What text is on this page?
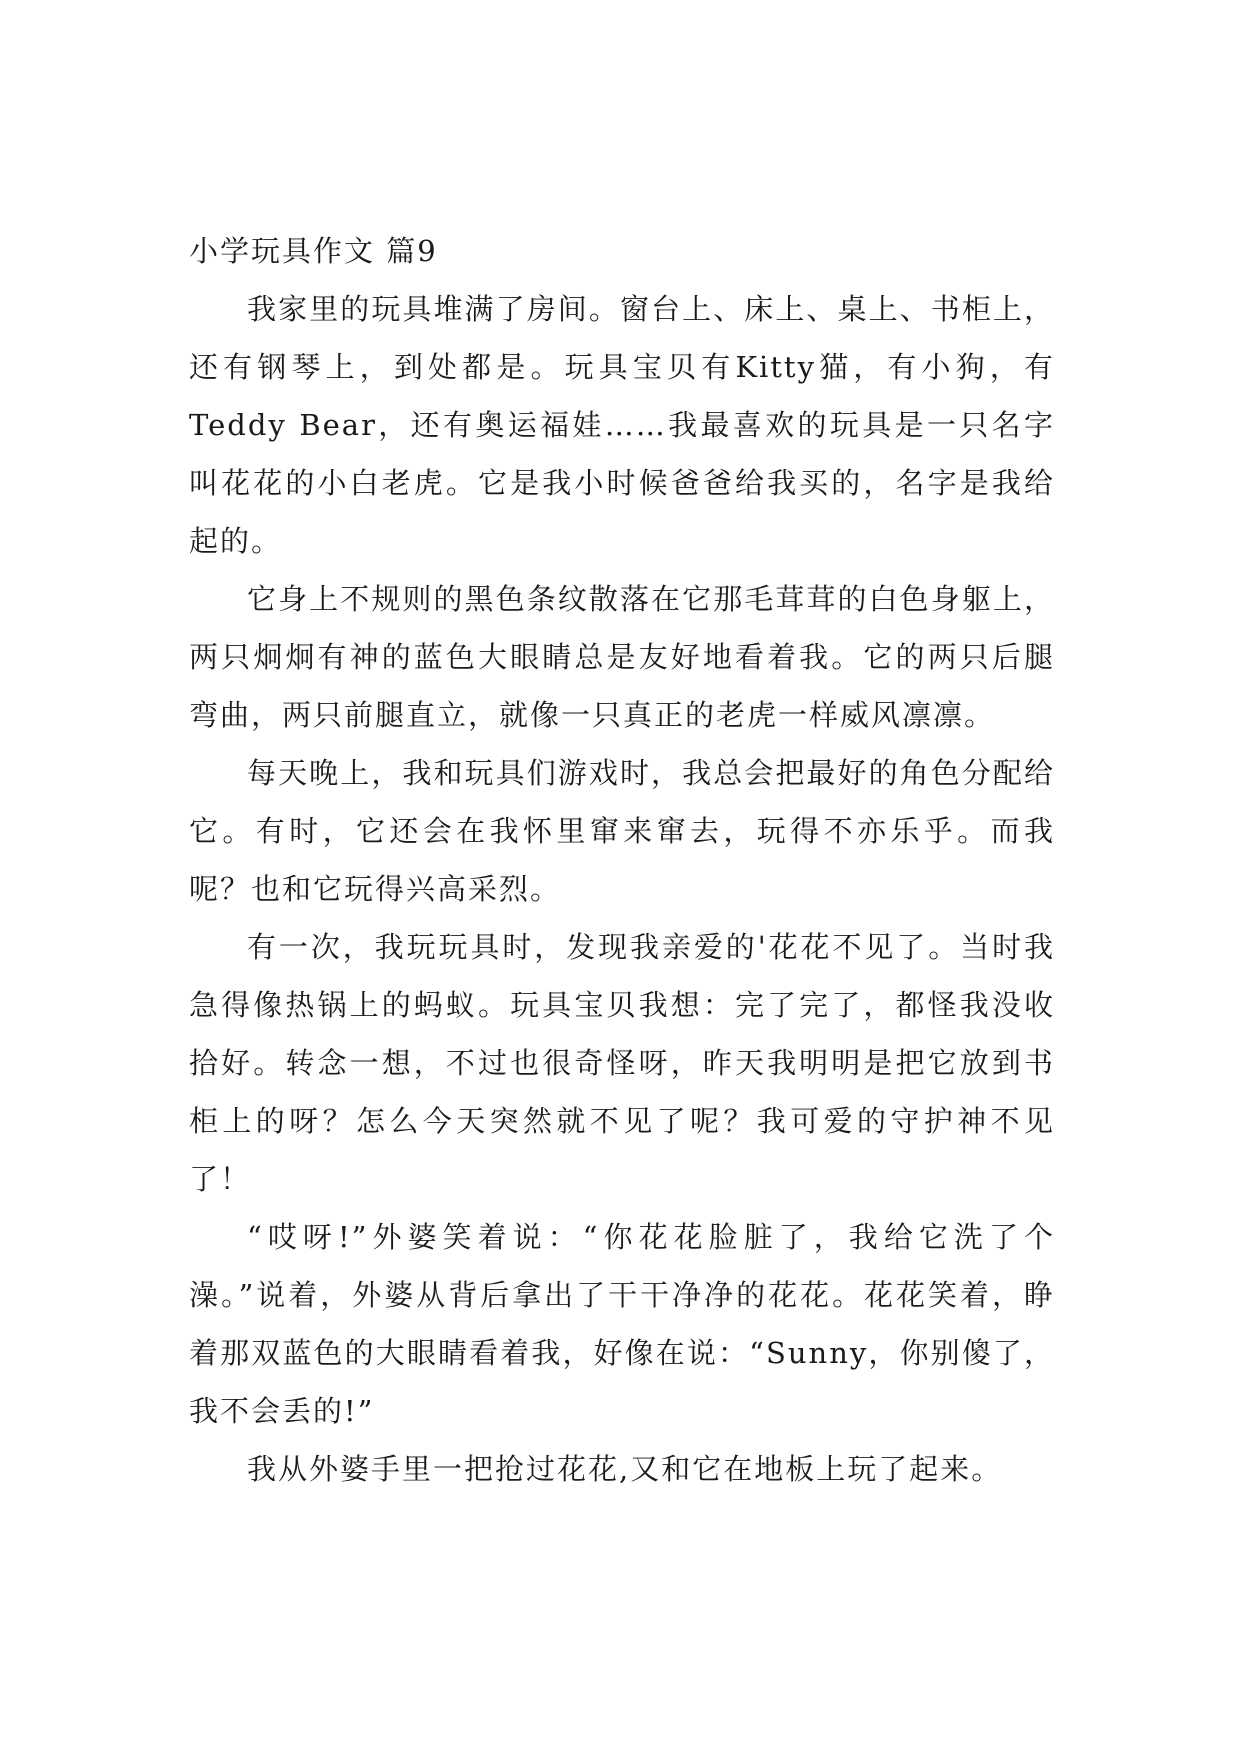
小学玩具作文 篇9

我家里的玩具堆满了房间。窗台上、床上、桌上、书柜上，还有钢琴上，到处都是。玩具宝贝有Kitty猫，有小狗，有Teddy Bear，还有奥运福娃……我最喜欢的玩具是一只名字叫花花的小白老虎。它是我小时候爸爸给我买的，名字是我给起的。

它身上不规则的黑色条纹散落在它那毛茸茸的白色身躯上，两只炯炯有神的蓝色大眼睛总是友好地看着我。它的两只后腿弯曲，两只前腿直立，就像一只真正的老虎一样威风凛凛。

每天晚上，我和玩具们游戏时，我总会把最好的角色分配给它。有时，它还会在我怀里窜来窜去，玩得不亦乐乎。而我呢？也和它玩得兴高采烈。

有一次，我玩玩具时，发现我亲爱的'花花不见了。当时我急得像热锅上的蚂蚁。玩具宝贝我想：完了完了，都怪我没收拾好。转念一想，不过也很奇怪呀，昨天我明明是把它放到书柜上的呀？怎么今天突然就不见了呢？我可爱的守护神不见了！

“哎呀!”外婆笑着说：“你花花脸脏了，我给它洗了个澡。”说着，外婆从背后拿出了干干净净的花花。花花笑着，睁着那双蓝色的大眼睛看着我，好像在说：“Sunny，你别傻了，我不会丢的!”

我从外婆手里一把抢过花花,又和它在地板上玩了起来。
